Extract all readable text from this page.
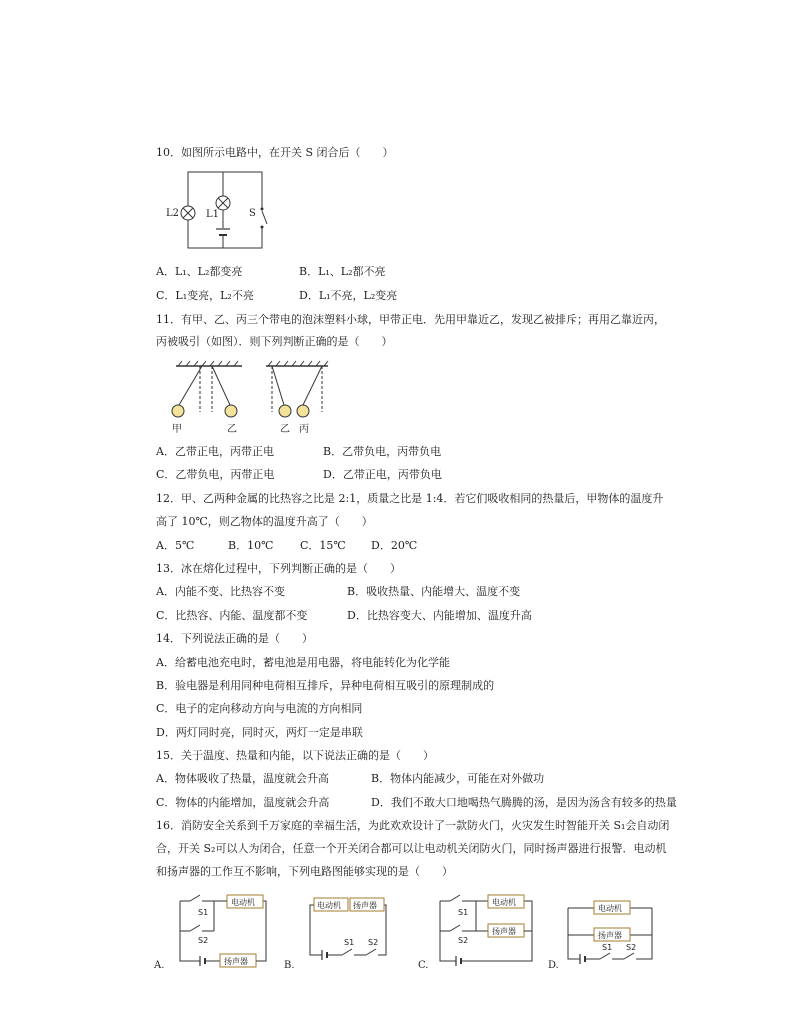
10．如图所示电路中，在开关 S 闭合后（　　）
L2	L1	S
A．L₁、L₂都变亮	B．L₁、L₂都不亮
C．L₁变亮，L₂不亮	D．L₁不亮，L₂变亮
11．有甲、乙、丙三个带电的泡沫塑料小球，甲带正电．先用甲靠近乙，发现乙被排斥；再用乙靠近丙，
丙被吸引（如图）．则下列判断正确的是（　　）
甲	乙	乙 丙
A．乙带正电，丙带正电	B．乙带负电，丙带负电
C．乙带负电，丙带正电	D．乙带正电，丙带负电
12．甲、乙两种金属的比热容之比是 2:1，质量之比是 1:4．若它们吸收相同的热量后，甲物体的温度升
高了 10℃，则乙物体的温度升高了（　　）
A．5℃	B．10℃ C．15℃ D．20℃
13．冰在熔化过程中，下列判断正确的是（　　）
A．内能不变、比热容不变	B．吸收热量、内能增大、温度不变
C．比热容、内能、温度都不变	D．比热容变大、内能增加、温度升高
14．下列说法正确的是（　　）
A．给蓄电池充电时，蓄电池是用电器，将电能转化为化学能
B．验电器是利用同种电荷相互排斥，异种电荷相互吸引的原理制成的
C．电子的定向移动方向与电流的方向相同
D．两灯同时亮，同时灭，两灯一定是串联
15．关于温度、热量和内能，以下说法正确的是（　　）
A．物体吸收了热量，温度就会升高	B．物体内能减少，可能在对外做功
C．物体的内能增加，温度就会升高	D．我们不敢大口地喝热气腾腾的汤，是因为汤含有较多的热量
16．消防安全关系到千万家庭的幸福生活，为此欢欢设计了一款防火门，火灾发生时智能开关 S₁会自动闭
合，开关 S₂可以人为闭合，任意一个开关闭合都可以让电动机关闭防火门，同时扬声器进行报警．电动机
和扬声器的工作互不影响，下列电路图能够实现的是（　　）
A.	扬声器
电动机
S1
S2
B.
电动机 扬声器
S1 S2
C.
电动机
扬声器
S1
S2
D.
电动机
扬声器
S1 S2
